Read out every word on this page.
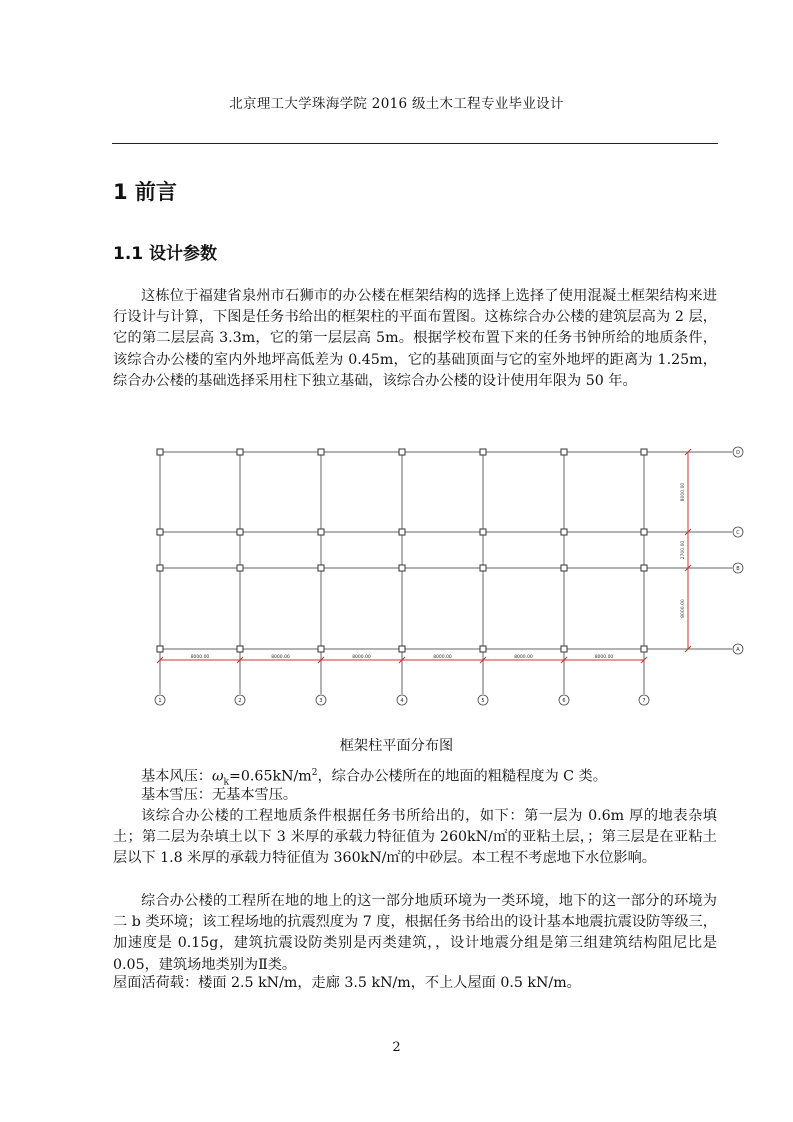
北京理工大学珠海学院 2016 级土木工程专业毕业设计
1 前言
1.1 设计参数
这栋位于福建省泉州市石狮市的办公楼在框架结构的选择上选择了使用混凝土框架结构来进行设计与计算，下图是任务书给出的框架柱的平面布置图。这栋综合办公楼的建筑层高为 2 层，它的第二层层高 3.3m，它的第一层层高 5m。根据学校布置下来的任务书钟所给的地质条件，该综合办公楼的室内外地坪高低差为 0.45m，它的基础顶面与它的室外地坪的距离为 1.25m，综合办公楼的基础选择采用柱下独立基础，该综合办公楼的设计使用年限为 50 年。
8000.00	8000.00	8000.00	8000.00	8000.00	8000.00
8000.00
2700.00
8000.00
1	2	3	4	5	6	7
D
C
B
A
框架柱平面分布图
基本风压：$\omega_k=0.65kN/m^2$，综合办公楼所在的地面的粗糙程度为 C 类。
基本雪压：无基本雪压。
该综合办公楼的工程地质条件根据任务书所给出的，如下：第一层为 0.6m 厚的地表杂填土；第二层为杂填土以下 3 米厚的承载力特征值为 260kN/㎡的亚粘土层，；第三层是在亚粘土层以下 1.8 米厚的承载力特征值为 360kN/㎡的中砂层。本工程不考虑地下水位影响。
综合办公楼的工程所在地的地上的这一部分地质环境为一类环境，地下的这一部分的环境为二 b 类环境；该工程场地的抗震烈度为 7 度，根据任务书给出的设计基本地震抗震设防等级三，加速度是 0.15g，建筑抗震设防类别是丙类建筑，，设计地震分组是第三组建筑结构阻尼比是 0.05，建筑场地类别为Ⅱ类。
屋面活荷载：楼面 2.5 kN/m，走廊 3.5 kN/m，不上人屋面 0.5 kN/m。
2
